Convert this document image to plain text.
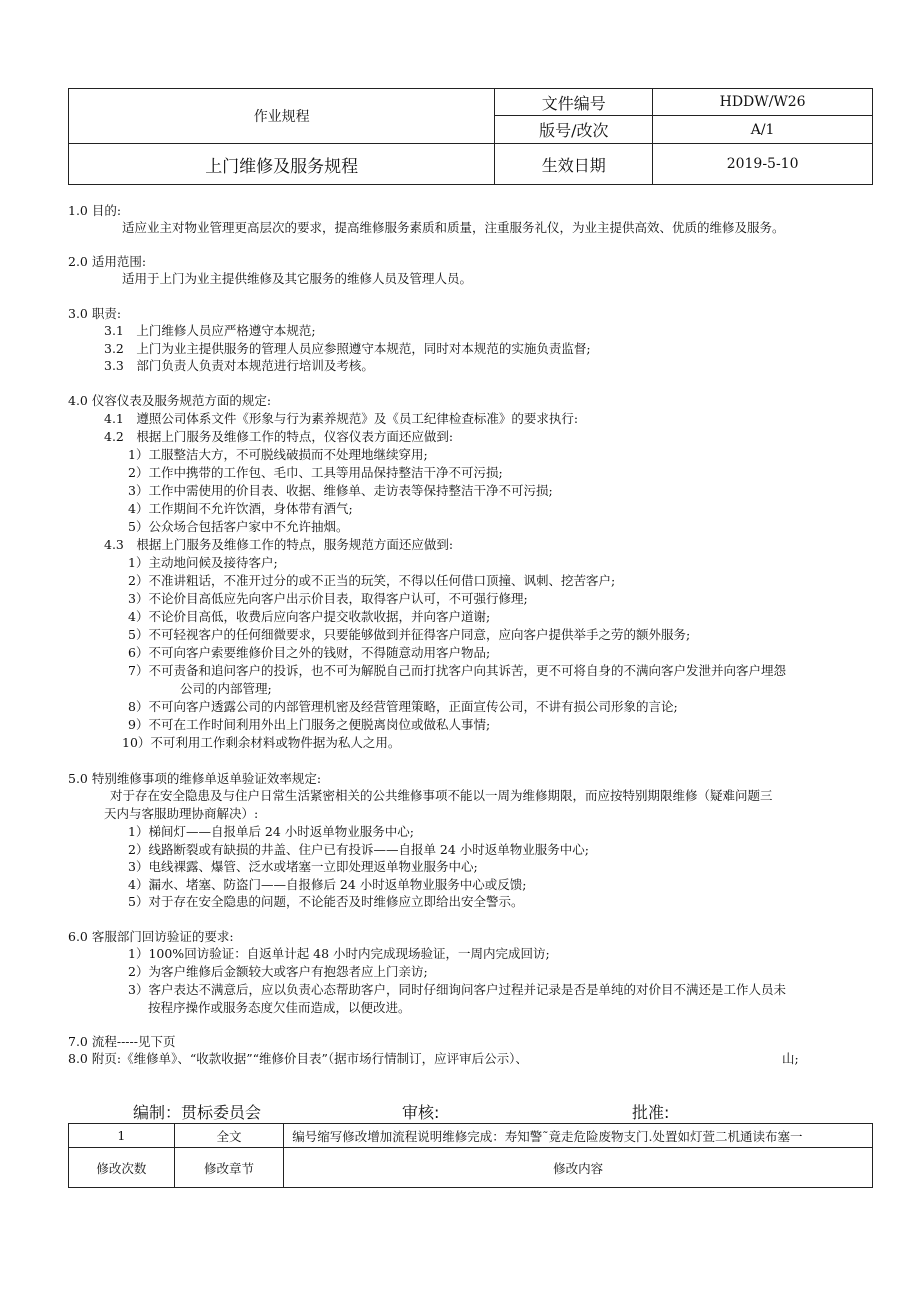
作业规程	文件编号	HDDW/W26
	版号/改次	A/1
上门维修及服务规程	生效日期	2019-5-10
1.0 目的:
适应业主对物业管理更高层次的要求，提高维修服务素质和质量，注重服务礼仪，为业主提供高效、优质的维修及服务。
2.0 适用范围:
适用于上门为业主提供维修及其它服务的维修人员及管理人员。
3.0 职责:
3.1　上门维修人员应严格遵守本规范;
3.2　上门为业主提供服务的管理人员应参照遵守本规范，同时对本规范的实施负责监督;
3.3　部门负责人负责对本规范进行培训及考核。
4.0 仪容仪表及服务规范方面的规定:
4.1　遵照公司体系文件《形象与行为素养规范》及《员工纪律检查标准》的要求执行:
4.2　根据上门服务及维修工作的特点，仪容仪表方面还应做到:
1）工服整洁大方，不可脱线破损而不处理地继续穿用;
2）工作中携带的工作包、毛巾、工具等用品保持整洁干净不可污损;
3）工作中需使用的价目表、收据、维修单、走访表等保持整洁干净不可污损;
4）工作期间不允许饮酒，身体带有酒气;
5）公众场合包括客户家中不允许抽烟。
4.3　根据上门服务及维修工作的特点，服务规范方面还应做到:
1）主动地问候及接待客户;
2）不准讲粗话，不准开过分的或不正当的玩笑，不得以任何借口顶撞、讽刺、挖苦客户;
3）不论价目高低应先向客户出示价目表，取得客户认可，不可强行修理;
4）不论价目高低，收费后应向客户提交收款收据，并向客户道谢;
5）不可轻视客户的任何细微要求，只要能够做到并征得客户同意，应向客户提供举手之劳的额外服务;
6）不可向客户索要维修价目之外的钱财，不得随意动用客户物品;
7）不可责备和追问客户的投诉，也不可为解脱自己而打扰客户向其诉苦，更不可将自身的不满向客户发泄并向客户埋怨
公司的内部管理;
8）不可向客户透露公司的内部管理机密及经营管理策略，正面宣传公司，不讲有损公司形象的言论;
9）不可在工作时间利用外出上门服务之便脱离岗位或做私人事情;
10）不可利用工作剩余材料或物件据为私人之用。
5.0 特别维修事项的维修单返单验证效率规定:
对于存在安全隐患及与住户日常生活紧密相关的公共维修事项不能以一周为维修期限，而应按特别期限维修（疑难问题三
天内与客服助理协商解决）:
1）梯间灯——自报单后 24 小时返单物业服务中心;
2）线路断裂或有缺损的井盖、住户已有投诉——自报单 24 小时返单物业服务中心;
3）电线裸露、爆管、泛水或堵塞一立即处理返单物业服务中心;
4）漏水、堵塞、防盗门——自报修后 24 小时返单物业服务中心或反馈;
5）对于存在安全隐患的问题，不论能否及时维修应立即给出安全警示。
6.0 客服部门回访验证的要求:
1）100%回访验证：自返单计起 48 小时内完成现场验证，一周内完成回访;
2）为客户维修后金额较大或客户有抱怨者应上门亲访;
3）客户表达不满意后，应以负责心态帮助客户，同时仔细询问客户过程并记录是否是单纯的对价目不满还是工作人员未
按程序操作或服务态度欠佳而造成，以便改进。
7.0 流程-----见下页
8.0 附页:《维修单》、“收款收据”“维修价目表”（据市场行情制订，应评审后公示）、	山;
编制：贯标委员会	审核:	批准:
1	全文	编号缩写修改增加流程说明维修完成：寿知警˜竟走危险废物支门.处置如灯萱二机通读布塞一
修改次数	修改章节	修改内容
